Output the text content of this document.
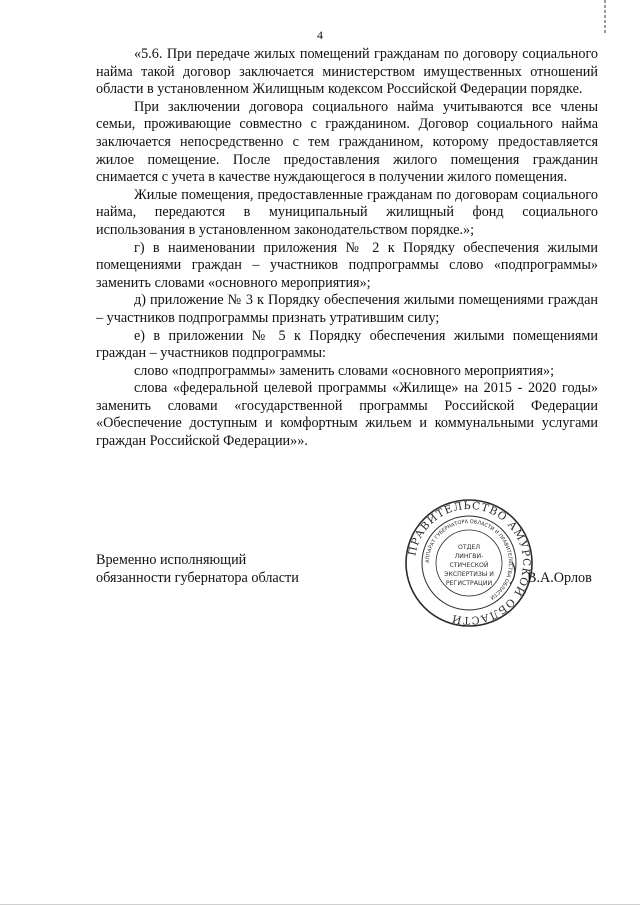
4

«5.6. При передаче жилых помещений гражданам по договору социального найма такой договор заключается министерством имущественных отношений области в установленном Жилищным кодексом Российской Федерации порядке.

При заключении договора социального найма учитываются все члены семьи, проживающие совместно с гражданином. Договор социального найма заключается непосредственно с тем гражданином, которому предоставляется жилое помещение. После предоставления жилого помещения гражданин снимается с учета в качестве нуждающегося в получении жилого помещения.

Жилые помещения, предоставленные гражданам по договорам социального найма, передаются в муниципальный жилищный фонд социального использования в установленном законодательством порядке.»;

г) в наименовании приложения № 2 к Порядку обеспечения жилыми помещениями граждан – участников подпрограммы слово «подпрограммы» заменить словами «основного мероприятия»;

д) приложение № 3 к Порядку обеспечения жилыми помещениями граждан – участников подпрограммы признать утратившим силу;

е) в приложении № 5 к Порядку обеспечения жилыми помещениями граждан – участников подпрограммы:

слово «подпрограммы» заменить словами «основного мероприятия»;

слова «федеральной целевой программы «Жилище» на 2015 - 2020 годы» заменить словами «государственной программы Российской Федерации «Обеспечение доступным и комфортным жильем и коммунальными услугами граждан Российской Федерации»».

Временно исполняющий

обязанности губернатора области

ПРАВИТЕЛЬСТВО АМУРСКОЙ ОБЛАСТИ
АППАРАТ ГУБЕРНАТОРА ОБЛАСТИ И ПРАВИТЕЛЬСТВА ОБЛАСТИ
ОТДЕЛ
ЛИНГВИ-
СТИЧЕСКОЙ
ЭКСПЕРТИЗЫ И
РЕГИСТРАЦИИ В.А.Орлов
